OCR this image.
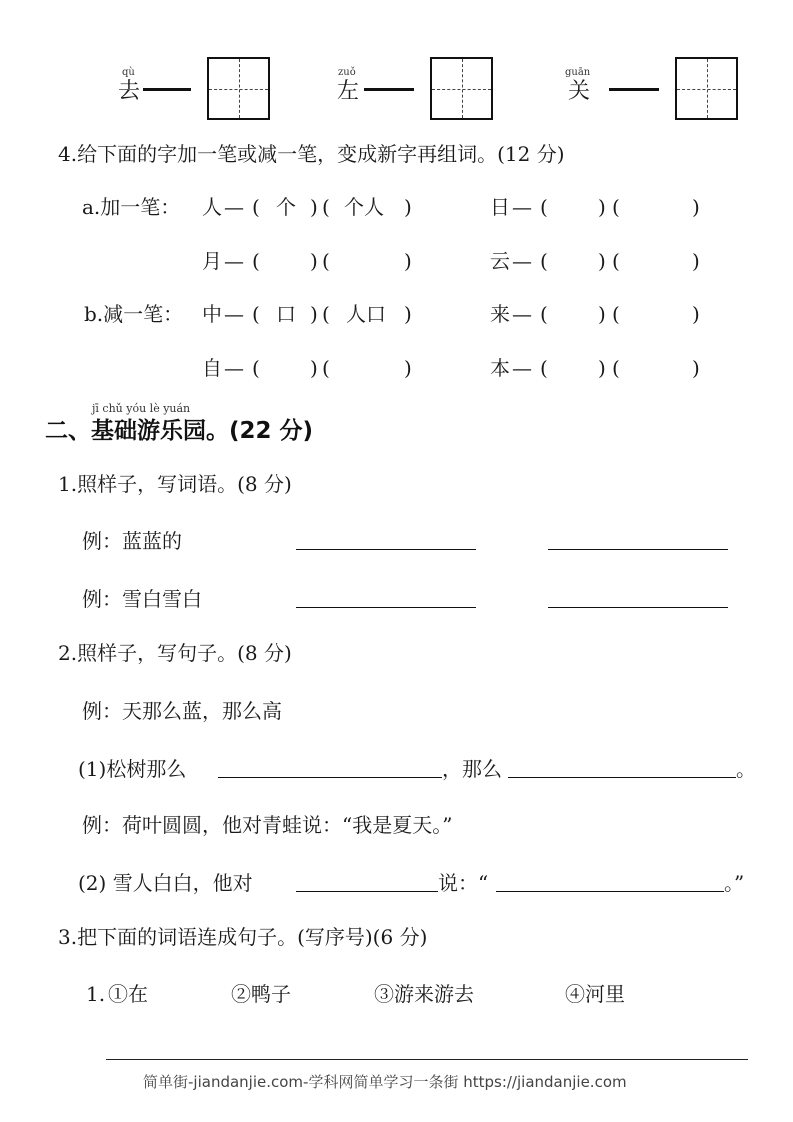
qù
去
zuǒ
左
guān
关
4.给下面的字加一笔或减一笔，变成新字再组词。(12 分)
a.加一笔：
b.减一笔：
人 — ( 个 ) ( 个人 )	日 — (	) (	)
月 — (	) (	)	云 — (	) (	)
中 — ( 口 ) ( 人口 )	来 — (	) (	)
自 — (	) (	)	本 — (	) (	)
jī chǔ yóu lè yuán
二、基础游乐园。(22 分)
1.照样子，写词语。(8 分)
例：蓝蓝的
例：雪白雪白
2.照样子，写句子。(8 分)
例：天那么蓝，那么高
(1)松树那么	，那么	。
例：荷叶圆圆，他对青蛙说：“我是夏天。”
(2) 雪人白白，他对	说：“	。”
3.把下面的词语连成句子。(写序号)(6 分)
1. ①在	②鸭子	③游来游去	④河里
简单街-jiandanjie.com-学科网简单学习一条街 https://jiandanjie.com
